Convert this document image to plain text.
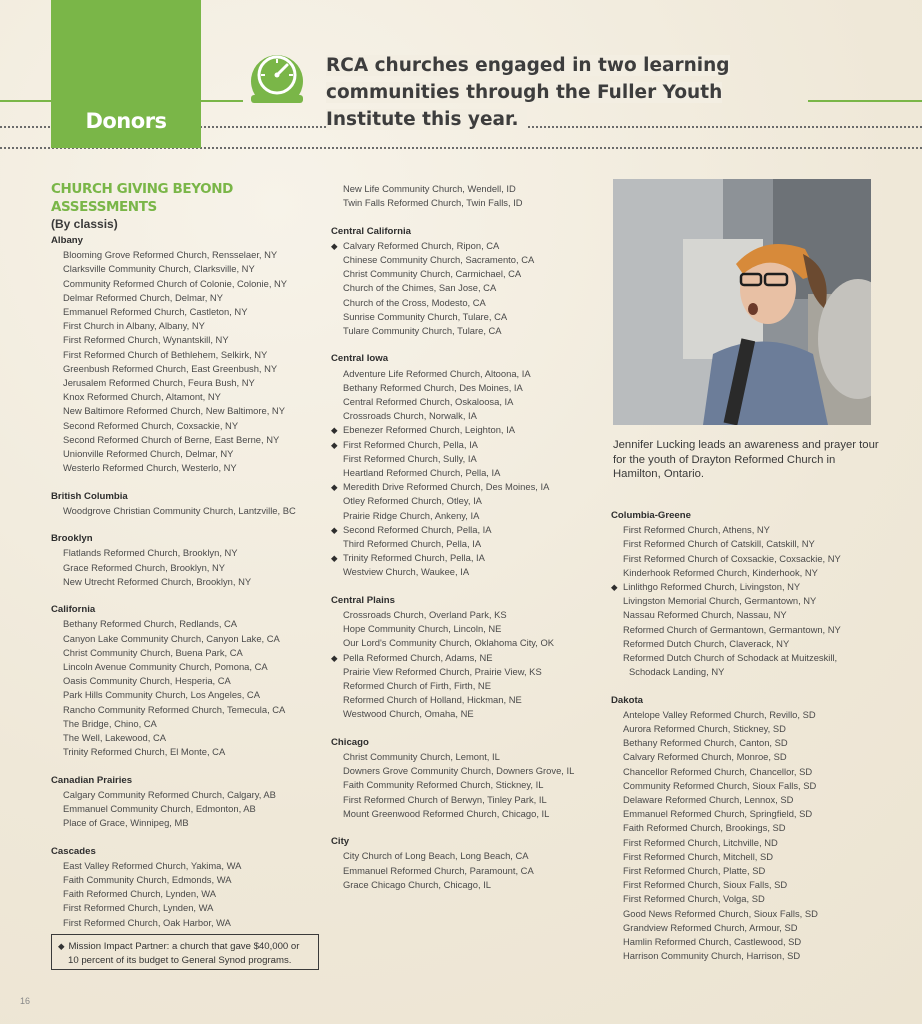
Donors
RCA churches engaged in two learning communities through the Fuller Youth Institute this year.
CHURCH GIVING BEYOND ASSESSMENTS
(By classis)
Albany
Blooming Grove Reformed Church, Rensselaer, NY
Clarksville Community Church, Clarksville, NY
Community Reformed Church of Colonie, Colonie, NY
Delmar Reformed Church, Delmar, NY
Emmanuel Reformed Church, Castleton, NY
First Church in Albany, Albany, NY
First Reformed Church, Wynantskill, NY
First Reformed Church of Bethlehem, Selkirk, NY
Greenbush Reformed Church, East Greenbush, NY
Jerusalem Reformed Church, Feura Bush, NY
Knox Reformed Church, Altamont, NY
New Baltimore Reformed Church, New Baltimore, NY
Second Reformed Church, Coxsackie, NY
Second Reformed Church of Berne, East Berne, NY
Unionville Reformed Church, Delmar, NY
Westerlo Reformed Church, Westerlo, NY
British Columbia
Woodgrove Christian Community Church, Lantzville, BC
Brooklyn
Flatlands Reformed Church, Brooklyn, NY
Grace Reformed Church, Brooklyn, NY
New Utrecht Reformed Church, Brooklyn, NY
California
Bethany Reformed Church, Redlands, CA
Canyon Lake Community Church, Canyon Lake, CA
Christ Community Church, Buena Park, CA
Lincoln Avenue Community Church, Pomona, CA
Oasis Community Church, Hesperia, CA
Park Hills Community Church, Los Angeles, CA
Rancho Community Reformed Church, Temecula, CA
The Bridge, Chino, CA
The Well, Lakewood, CA
Trinity Reformed Church, El Monte, CA
Canadian Prairies
Calgary Community Reformed Church, Calgary, AB
Emmanuel Community Church, Edmonton, AB
Place of Grace, Winnipeg, MB
Cascades
East Valley Reformed Church, Yakima, WA
Faith Community Church, Edmonds, WA
Faith Reformed Church, Lynden, WA
First Reformed Church, Lynden, WA
First Reformed Church, Oak Harbor, WA
New Life Community Church, Wendell, ID
Twin Falls Reformed Church, Twin Falls, ID
Central California
◆ Calvary Reformed Church, Ripon, CA
Chinese Community Church, Sacramento, CA
Christ Community Church, Carmichael, CA
Church of the Chimes, San Jose, CA
Church of the Cross, Modesto, CA
Sunrise Community Church, Tulare, CA
Tulare Community Church, Tulare, CA
Central Iowa
Adventure Life Reformed Church, Altoona, IA
Bethany Reformed Church, Des Moines, IA
Central Reformed Church, Oskaloosa, IA
Crossroads Church, Norwalk, IA
◆ Ebenezer Reformed Church, Leighton, IA
◆ First Reformed Church, Pella, IA
First Reformed Church, Sully, IA
Heartland Reformed Church, Pella, IA
◆ Meredith Drive Reformed Church, Des Moines, IA
Otley Reformed Church, Otley, IA
Prairie Ridge Church, Ankeny, IA
◆ Second Reformed Church, Pella, IA
Third Reformed Church, Pella, IA
◆ Trinity Reformed Church, Pella, IA
Westview Church, Waukee, IA
Central Plains
Crossroads Church, Overland Park, KS
Hope Community Church, Lincoln, NE
Our Lord's Community Church, Oklahoma City, OK
◆ Pella Reformed Church, Adams, NE
Prairie View Reformed Church, Prairie View, KS
Reformed Church of Firth, Firth, NE
Reformed Church of Holland, Hickman, NE
Westwood Church, Omaha, NE
Chicago
Christ Community Church, Lemont, IL
Downers Grove Community Church, Downers Grove, IL
Faith Community Reformed Church, Stickney, IL
First Reformed Church of Berwyn, Tinley Park, IL
Mount Greenwood Reformed Church, Chicago, IL
City
City Church of Long Beach, Long Beach, CA
Emmanuel Reformed Church, Paramount, CA
Grace Chicago Church, Chicago, IL
Jennifer Lucking leads an awareness and prayer tour for the youth of Drayton Reformed Church in Hamilton, Ontario.
Columbia-Greene
First Reformed Church, Athens, NY
First Reformed Church of Catskill, Catskill, NY
First Reformed Church of Coxsackie, Coxsackie, NY
Kinderhook Reformed Church, Kinderhook, NY
◆ Linlithgo Reformed Church, Livingston, NY
Livingston Memorial Church, Germantown, NY
Nassau Reformed Church, Nassau, NY
Reformed Church of Germantown, Germantown, NY
Reformed Dutch Church, Claverack, NY
Reformed Dutch Church of Schodack at Muitzeskill,
Schodack Landing, NY
Dakota
Antelope Valley Reformed Church, Revillo, SD
Aurora Reformed Church, Stickney, SD
Bethany Reformed Church, Canton, SD
Calvary Reformed Church, Monroe, SD
Chancellor Reformed Church, Chancellor, SD
Community Reformed Church, Sioux Falls, SD
Delaware Reformed Church, Lennox, SD
Emmanuel Reformed Church, Springfield, SD
Faith Reformed Church, Brookings, SD
First Reformed Church, Litchville, ND
First Reformed Church, Mitchell, SD
First Reformed Church, Platte, SD
First Reformed Church, Sioux Falls, SD
First Reformed Church, Volga, SD
Good News Reformed Church, Sioux Falls, SD
Grandview Reformed Church, Armour, SD
Hamlin Reformed Church, Castlewood, SD
Harrison Community Church, Harrison, SD
◆ Mission Impact Partner: a church that gave $40,000 or
10 percent of its budget to General Synod programs.
16
